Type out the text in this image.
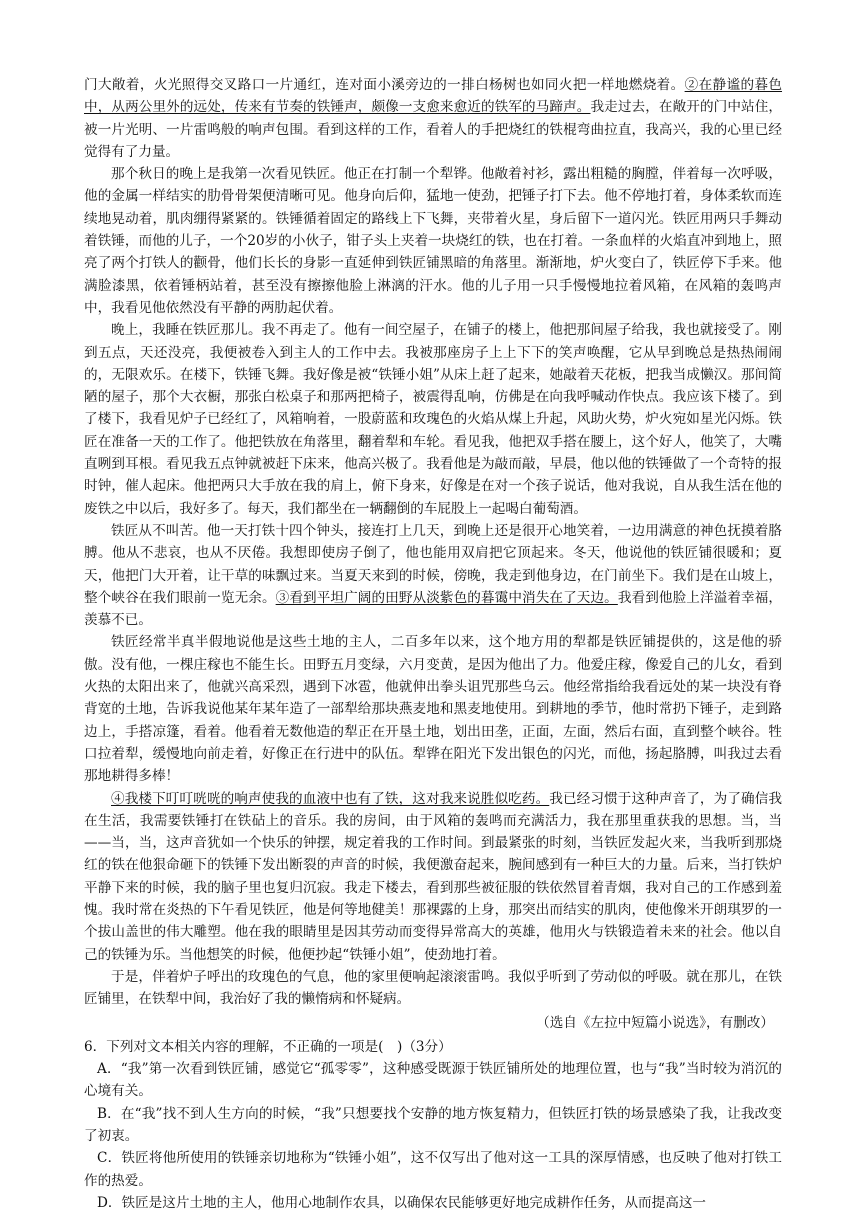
门大敞着，火光照得交叉路口一片通红，连对面小溪旁边的一排白杨树也如同火把一样地燃烧着。②在静谧的暮色中，从两公里外的远处，传来有节奏的铁锤声，颇像一支愈来愈近的铁军的马蹄声。我走过去，在敞开的门中站住，被一片光明、一片雷鸣般的响声包围。看到这样的工作，看着人的手把烧红的铁棍弯曲拉直，我高兴，我的心里已经觉得有了力量。

那个秋日的晚上是我第一次看见铁匠。他正在打制一个犁铧。他敞着衬衫，露出粗糙的胸膛，伴着每一次呼吸，他的金属一样结实的肋骨骨架便清晰可见。他身向后仰，猛地一使劲，把锤子打下去。他不停地打着，身体柔软而连续地晃动着，肌肉绷得紧紧的。铁锤循着固定的路线上下飞舞，夹带着火星，身后留下一道闪光。铁匠用两只手舞动着铁锤，而他的儿子，一个20岁的小伙子，钳子头上夹着一块烧红的铁，也在打着。一条血样的火焰直冲到地上，照亮了两个打铁人的颧骨，他们长长的身影一直延伸到铁匠铺黑暗的角落里。渐渐地，炉火变白了，铁匠停下手来。他满脸漆黑，依着锤柄站着，甚至没有擦擦他脸上淋漓的汗水。他的儿子用一只手慢慢地拉着风箱，在风箱的轰鸣声中，我看见他依然没有平静的两肋起伏着。

晚上，我睡在铁匠那儿。我不再走了。他有一间空屋子，在铺子的楼上，他把那间屋子给我，我也就接受了。刚到五点，天还没亮，我便被卷入到主人的工作中去。我被那座房子上上下下的笑声唤醒，它从早到晚总是热热闹闹的，无限欢乐。在楼下，铁锤飞舞。我好像是被“铁锤小姐”从床上赶了起来，她敲着天花板，把我当成懒汉。那间简陋的屋子，那个大衣橱，那张白松桌子和那两把椅子，被震得乱响，仿佛是在向我呼喊动作快点。我应该下楼了。到了楼下，我看见炉子已经红了，风箱响着，一股蔚蓝和玫瑰色的火焰从煤上升起，风助火势，炉火宛如星光闪烁。铁匠在准备一天的工作了。他把铁放在角落里，翻着犁和车轮。看见我，他把双手搭在腰上，这个好人，他笑了，大嘴直咧到耳根。看见我五点钟就被赶下床来，他高兴极了。我看他是为敲而敲，早晨，他以他的铁锤做了一个奇特的报时钟，催人起床。他把两只大手放在我的肩上，俯下身来，好像是在对一个孩子说话，他对我说，自从我生活在他的废铁之中以后，我好多了。每天，我们都坐在一辆翻倒的车屁股上一起喝白葡萄酒。

铁匠从不叫苦。他一天打铁十四个钟头，接连打上几天，到晚上还是很开心地笑着，一边用满意的神色抚摸着胳膊。他从不悲哀，也从不厌倦。我想即使房子倒了，他也能用双肩把它顶起来。冬天，他说他的铁匠铺很暖和；夏天，他把门大开着，让干草的味飘过来。当夏天来到的时候，傍晚，我走到他身边，在门前坐下。我们是在山坡上，整个峡谷在我们眼前一览无余。③看到平坦广阔的田野从淡紫色的暮霭中消失在了天边。我看到他脸上洋溢着幸福，羡慕不已。

铁匠经常半真半假地说他是这些土地的主人，二百多年以来，这个地方用的犁都是铁匠铺提供的，这是他的骄傲。没有他，一棵庄稼也不能生长。田野五月变绿，六月变黄，是因为他出了力。他爱庄稼，像爱自己的儿女，看到火热的太阳出来了，他就兴高采烈，遇到下冰雹，他就伸出拳头诅咒那些乌云。他经常指给我看远处的某一块没有脊背宽的土地，告诉我说他某年某年造了一部犁给那块燕麦地和黑麦地使用。到耕地的季节，他时常扔下锤子，走到路边上，手搭凉篷，看着。他看着无数他造的犁正在开垦土地，划出田垄，正面，左面，然后右面，直到整个峡谷。牲口拉着犁，缓慢地向前走着，好像正在行进中的队伍。犁铧在阳光下发出银色的闪光，而他，扬起胳膊，叫我过去看那地耕得多棒！

④我楼下叮叮咣咣的响声使我的血液中也有了铁，这对我来说胜似吃药。我已经习惯于这种声音了，为了确信我在生活，我需要铁锤打在铁砧上的音乐。我的房间，由于风箱的轰鸣而充满活力，我在那里重获我的思想。当，当——当，当，这声音犹如一个快乐的钟摆，规定着我的工作时间。到最紧张的时刻，当铁匠发起火来，当我听到那烧红的铁在他狠命砸下的铁锤下发出断裂的声音的时候，我便激奋起来，腕间感到有一种巨大的力量。后来，当打铁炉平静下来的时候，我的脑子里也复归沉寂。我走下楼去，看到那些被征服的铁依然冒着青烟，我对自己的工作感到羞愧。我时常在炎热的下午看见铁匠，他是何等地健美！那裸露的上身，那突出而结实的肌肉，使他像米开朗琪罗的一个拔山盖世的伟大雕塑。他在我的眼睛里是因其劳动而变得异常高大的英雄，他用火与铁锻造着未来的社会。他以自己的铁锤为乐。当他想笑的时候，他便抄起“铁锤小姐”，使劲地打着。

于是，伴着炉子呼出的玫瑰色的气息，他的家里便响起滚滚雷鸣。我似乎听到了劳动似的呼吸。就在那儿，在铁匠铺里，在铁犁中间，我治好了我的懒惰病和怀疑病。

（选自《左拉中短篇小说选》，有删改）

6．下列对文本相关内容的理解，不正确的一项是(　)（3分）

A．“我”第一次看到铁匠铺，感觉它“孤零零”，这种感受既源于铁匠铺所处的地理位置，也与“我”当时较为消沉的心境有关。

B．在“我”找不到人生方向的时候，“我”只想要找个安静的地方恢复精力，但铁匠打铁的场景感染了我，让我改变了初衷。

C．铁匠将他所使用的铁锤亲切地称为“铁锤小姐”，这不仅写出了他对这一工具的深厚情感，也反映了他对打铁工作的热爱。

D．铁匠是这片土地的主人，他用心地制作农具，以确保农民能够更好地完成耕作任务，从而提高这一
